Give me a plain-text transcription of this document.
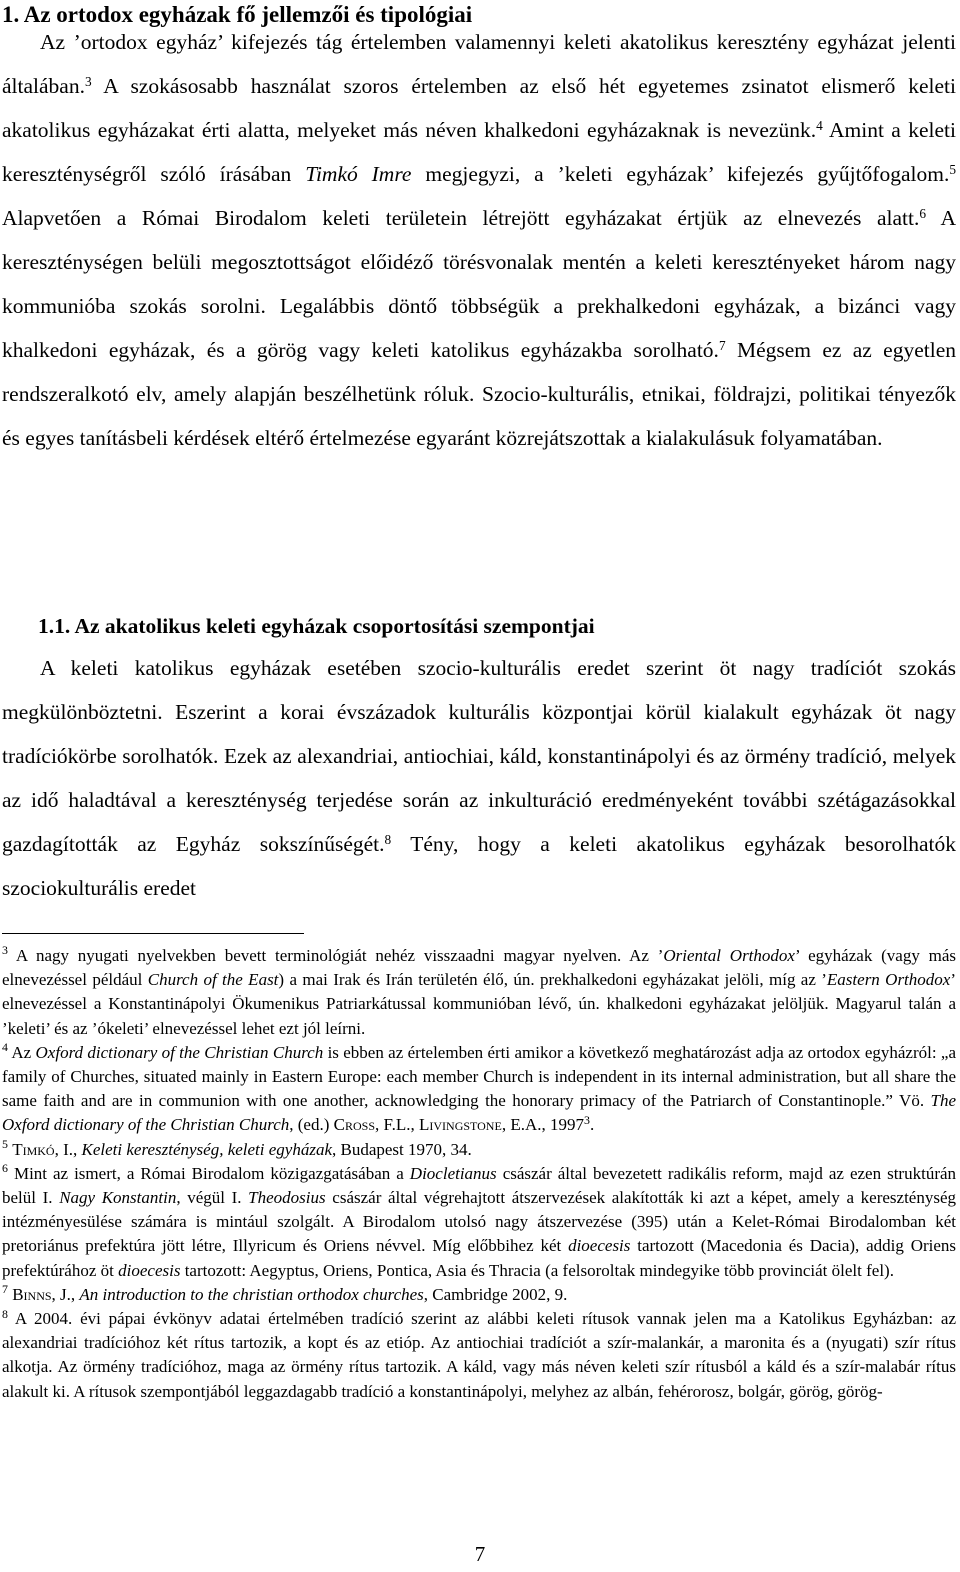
1. Az ortodox egyházak fő jellemzői és tipológiai

Az ’ortodox egyház’ kifejezés tág értelemben valamennyi keleti akatolikus keresztény egyházat jelenti általában.$^3$ A szokásosabb használat szoros értelemben az első hét egyetemes zsinatot elismerő keleti akatolikus egyházakat érti alatta, melyeket más néven khalkedoni egyházaknak is nevezünk.$^4$ Amint a keleti kereszténységről szóló írásában Timkó Imre megjegyzi, a ’keleti egyházak’ kifejezés gyűjtőfogalom.$^5$ Alapvetően a Római Birodalom keleti területein létrejött egyházakat értjük az elnevezés alatt.$^6$ A kereszténységen belüli megosztottságot előidéző törésvonalak mentén a keleti keresztényeket három nagy kommunióba szokás sorolni. Legalábbis döntő többségük a prekhalkedoni egyházak, a bizánci vagy khalkedoni egyházak, és a görög vagy keleti katolikus egyházakba sorolható.$^7$ Mégsem ez az egyetlen rendszeralkotó elv, amely alapján beszélhetünk róluk. Szocio-kulturális, etnikai, földrajzi, politikai tényezők és egyes tanításbeli kérdések eltérő értelmezése egyaránt közrejátszottak a kialakulásuk folyamatában.

1.1. Az akatolikus keleti egyházak csoportosítási szempontjai

A keleti katolikus egyházak esetében szocio-kulturális eredet szerint öt nagy tradíciót szokás megkülönböztetni. Eszerint a korai évszázadok kulturális központjai körül kialakult egyházak öt nagy tradíciókörbe sorolhatók. Ezek az alexandriai, antiochiai, káld, konstantinápolyi és az örmény tradíció, melyek az idő haladtával a kereszténység terjedése során az inkulturáció eredményeként további szétágazásokkal gazdagították az Egyház sokszínűségét.$^8$ Tény, hogy a keleti akatolikus egyházak besorolhatók szociokulturális eredet

$^3$ A nagy nyugati nyelvekben bevett terminológiát nehéz visszaadni magyar nyelven. Az ’Oriental Orthodox’ egyházak (vagy más elnevezéssel például Church of the East) a mai Irak és Irán területén élő, ún. prekhalkedoni egyházakat jelöli, míg az ’Eastern Orthodox’ elnevezéssel a Konstantinápolyi Ökumenikus Patriarkátussal kommunióban lévő, ún. khalkedoni egyházakat jelöljük. Magyarul talán a ’keleti’ és az ’ókeleti’ elnevezéssel lehet ezt jól leírni.

$^4$ Az Oxford dictionary of the Christian Church is ebben az értelemben érti amikor a következő meghatározást adja az ortodox egyházról: „a family of Churches, situated mainly in Eastern Europe: each member Church is independent in its internal administration, but all share the same faith and are in communion with one another, acknowledging the honorary primacy of the Patriarch of Constantinople.” Vö. The Oxford dictionary of the Christian Church, (ed.) Cross, F.L., Livingstone, E.A., 1997$^3$.

$^5$ Timkó, I., Keleti kereszténység, keleti egyházak, Budapest 1970, 34.

$^6$ Mint az ismert, a Római Birodalom közigazgatásában a Diocletianus császár által bevezetett radikális reform, majd az ezen struktúrán belül I. Nagy Konstantin, végül I. Theodosius császár által végrehajtott átszervezések alakították ki azt a képet, amely a kereszténység intézményesülése számára is mintául szolgált. A Birodalom utolsó nagy átszervezése (395) után a Kelet-Római Birodalomban két pretoriánus prefektúra jött létre, Illyricum és Oriens névvel. Míg előbbihez két dioecesis tartozott (Macedonia és Dacia), addig Oriens prefektúrához öt dioecesis tartozott: Aegyptus, Oriens, Pontica, Asia és Thracia (a felsoroltak mindegyike több provinciát ölelt fel).

$^7$ Binns, J., An introduction to the christian orthodox churches, Cambridge 2002, 9.

$^8$ A 2004. évi pápai évkönyv adatai értelmében tradíció szerint az alábbi keleti rítusok vannak jelen ma a Katolikus Egyházban: az alexandriai tradícióhoz két rítus tartozik, a kopt és az etióp. Az antiochiai tradíciót a szír-malankár, a maronita és a (nyugati) szír rítus alkotja. Az örmény tradícióhoz, maga az örmény rítus tartozik. A káld, vagy más néven keleti szír rítusból a káld és a szír-malabár rítus alakult ki. A rítusok szempontjából leggazdagabb tradíció a konstantinápolyi, melyhez az albán, fehérorosz, bolgár, görög, görög-

7
